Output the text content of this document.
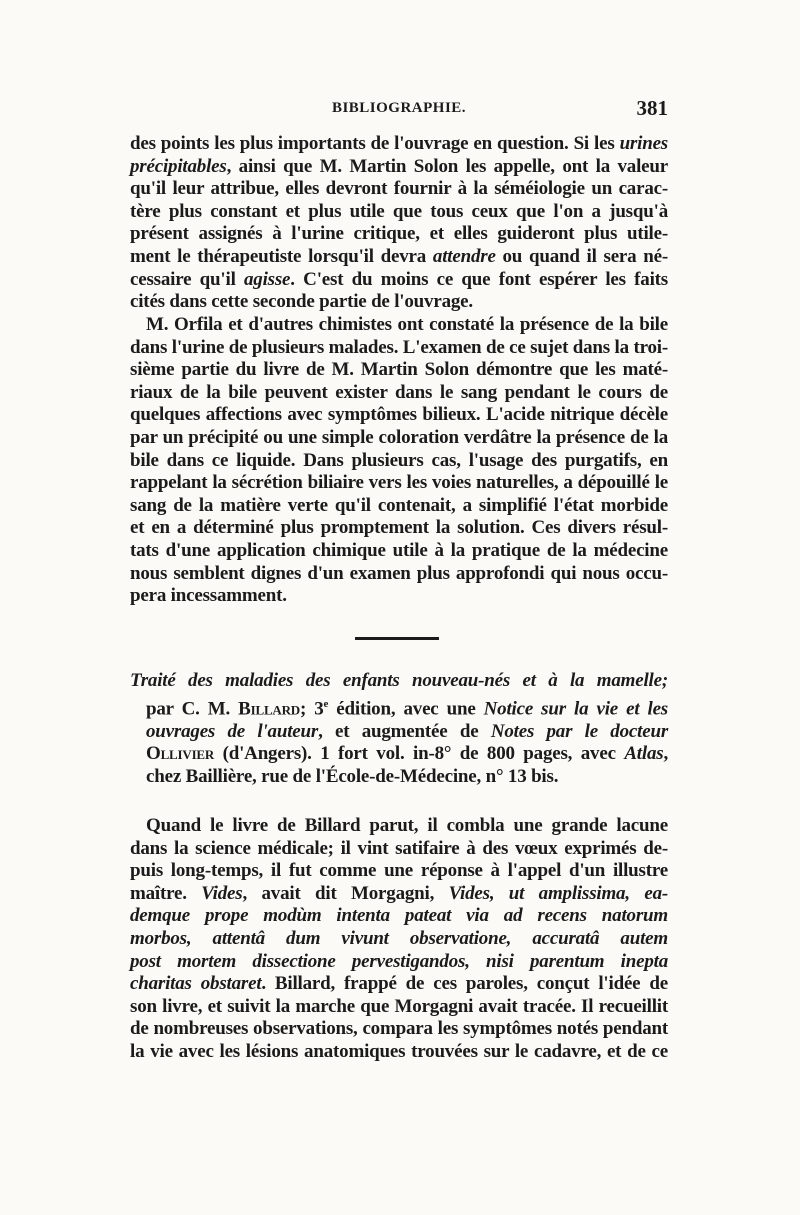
BIBLIOGRAPHIE.	381
des points les plus importants de l'ouvrage en question. Si les urines
précipitables, ainsi que M. Martin Solon les appelle, ont la valeur
qu'il leur attribue, elles devront fournir à la séméiologie un carac-
tère plus constant et plus utile que tous ceux que l'on a jusqu'à
présent assignés à l'urine critique, et elles guideront plus utile-
ment le thérapeutiste lorsqu'il devra attendre ou quand il sera né-
cessaire qu'il agisse. C'est du moins ce que font espérer les faits
cités dans cette seconde partie de l'ouvrage.
M. Orfila et d'autres chimistes ont constaté la présence de la bile
dans l'urine de plusieurs malades. L'examen de ce sujet dans la troi-
sième partie du livre de M. Martin Solon démontre que les maté-
riaux de la bile peuvent exister dans le sang pendant le cours de
quelques affections avec symptômes bilieux. L'acide nitrique décèle
par un précipité ou une simple coloration verdâtre la présence de la
bile dans ce liquide. Dans plusieurs cas, l'usage des purgatifs, en
rappelant la sécrétion biliaire vers les voies naturelles, a dépouillé le
sang de la matière verte qu'il contenait, a simplifié l'état morbide
et en a déterminé plus promptement la solution. Ces divers résul-
tats d'une application chimique utile à la pratique de la médecine
nous semblent dignes d'un examen plus approfondi qui nous occu-
pera incessamment.
Traité des maladies des enfants nouveau-nés et à la mamelle;
par C. M. Billard; 3e édition, avec une Notice sur la vie et les
ouvrages de l'auteur, et augmentée de Notes par le docteur
Ollivier (d'Angers). 1 fort vol. in-8° de 800 pages, avec Atlas,
chez Baillière, rue de l'École-de-Médecine, n° 13 bis.
Quand le livre de Billard parut, il combla une grande lacune
dans la science médicale; il vint satifaire à des vœux exprimés de-
puis long-temps, il fut comme une réponse à l'appel d'un illustre
maître. Vides, avait dit Morgagni, Vides, ut amplissima, ea-
demque prope modùm intenta pateat via ad recens natorum
morbos, attentâ dum vivunt observatione, accuratâ autem
post mortem dissectione pervestigandos, nisi parentum inepta
charitas obstaret. Billard, frappé de ces paroles, conçut l'idée de
son livre, et suivit la marche que Morgagni avait tracée. Il recueillit
de nombreuses observations, compara les symptômes notés pendant
la vie avec les lésions anatomiques trouvées sur le cadavre, et de ce
